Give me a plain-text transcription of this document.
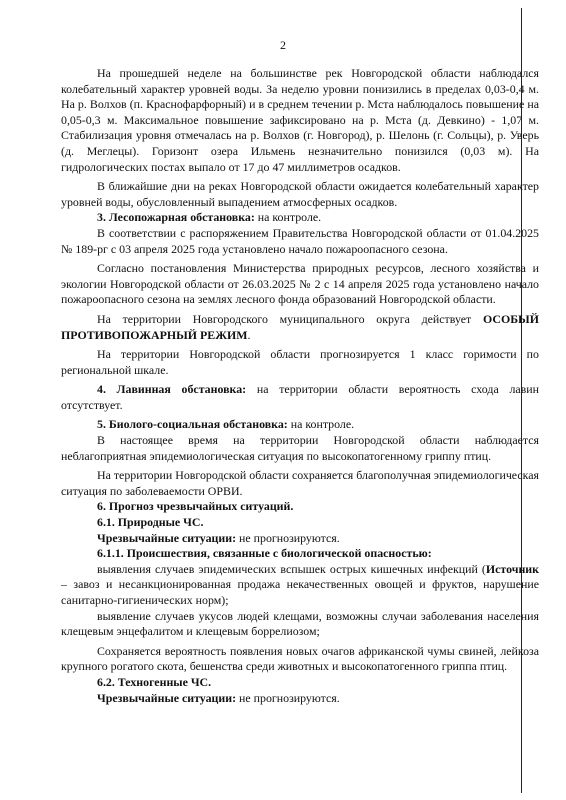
2

На прошедшей неделе на большинстве рек Новгородской области наблюдался колебательный характер уровней воды. За неделю уровни понизились в пределах 0,03-0,4 м. На р. Волхов (п. Краснофарфорный) и в среднем течении р. Мста наблюдалось повышение на 0,05-0,3 м. Максимальное повышение зафиксировано на р. Мста (д. Девкино) - 1,07 м. Стабилизация уровня отмечалась на р. Волхов (г. Новгород), р. Шелонь (г. Сольцы), р. Уверь (д. Меглецы). Горизонт озера Ильмень незначительно понизился (0,03 м). На гидрологических постах выпало от 17 до 47 миллиметров осадков.

В ближайшие дни на реках Новгородской области ожидается колебательный характер уровней воды, обусловленный выпадением атмосферных осадков.

3. Лесопожарная обстановка: на контроле.

В соответствии с распоряжением Правительства Новгородской области от 01.04.2025 № 189-рг с 03 апреля 2025 года установлено начало пожароопасного сезона.

Согласно постановления Министерства природных ресурсов, лесного хозяйства и экологии Новгородской области от 26.03.2025 № 2 с 14 апреля 2025 года установлено начало пожароопасного сезона на землях лесного фонда образований Новгородской области.

На территории Новгородского муниципального округа действует ОСОБЫЙ ПРОТИВОПОЖАРНЫЙ РЕЖИМ.

На территории Новгородской области прогнозируется 1 класс горимости по региональной шкале.

4. Лавинная обстановка: на территории области вероятность схода лавин отсутствует.

5. Биолого-социальная обстановка: на контроле.

В настоящее время на территории Новгородской области наблюдается неблагоприятная эпидемиологическая ситуация по высокопатогенному гриппу птиц.

На территории Новгородской области сохраняется благополучная эпидемиологическая ситуация по заболеваемости ОРВИ.

6. Прогноз чрезвычайных ситуаций.

6.1. Природные ЧС.

Чрезвычайные ситуации: не прогнозируются.

6.1.1. Происшествия, связанные с биологической опасностью:

выявления случаев эпидемических вспышек острых кишечных инфекций (Источник – завоз и несанкционированная продажа некачественных овощей и фруктов, нарушение санитарно-гигиенических норм);

выявление случаев укусов людей клещами, возможны случаи заболевания населения клещевым энцефалитом и клещевым боррелиозом;

Сохраняется вероятность появления новых очагов африканской чумы свиней, лейкоза крупного рогатого скота, бешенства среди животных и высокопатогенного гриппа птиц.

6.2. Техногенные ЧС.

Чрезвычайные ситуации: не прогнозируются.
